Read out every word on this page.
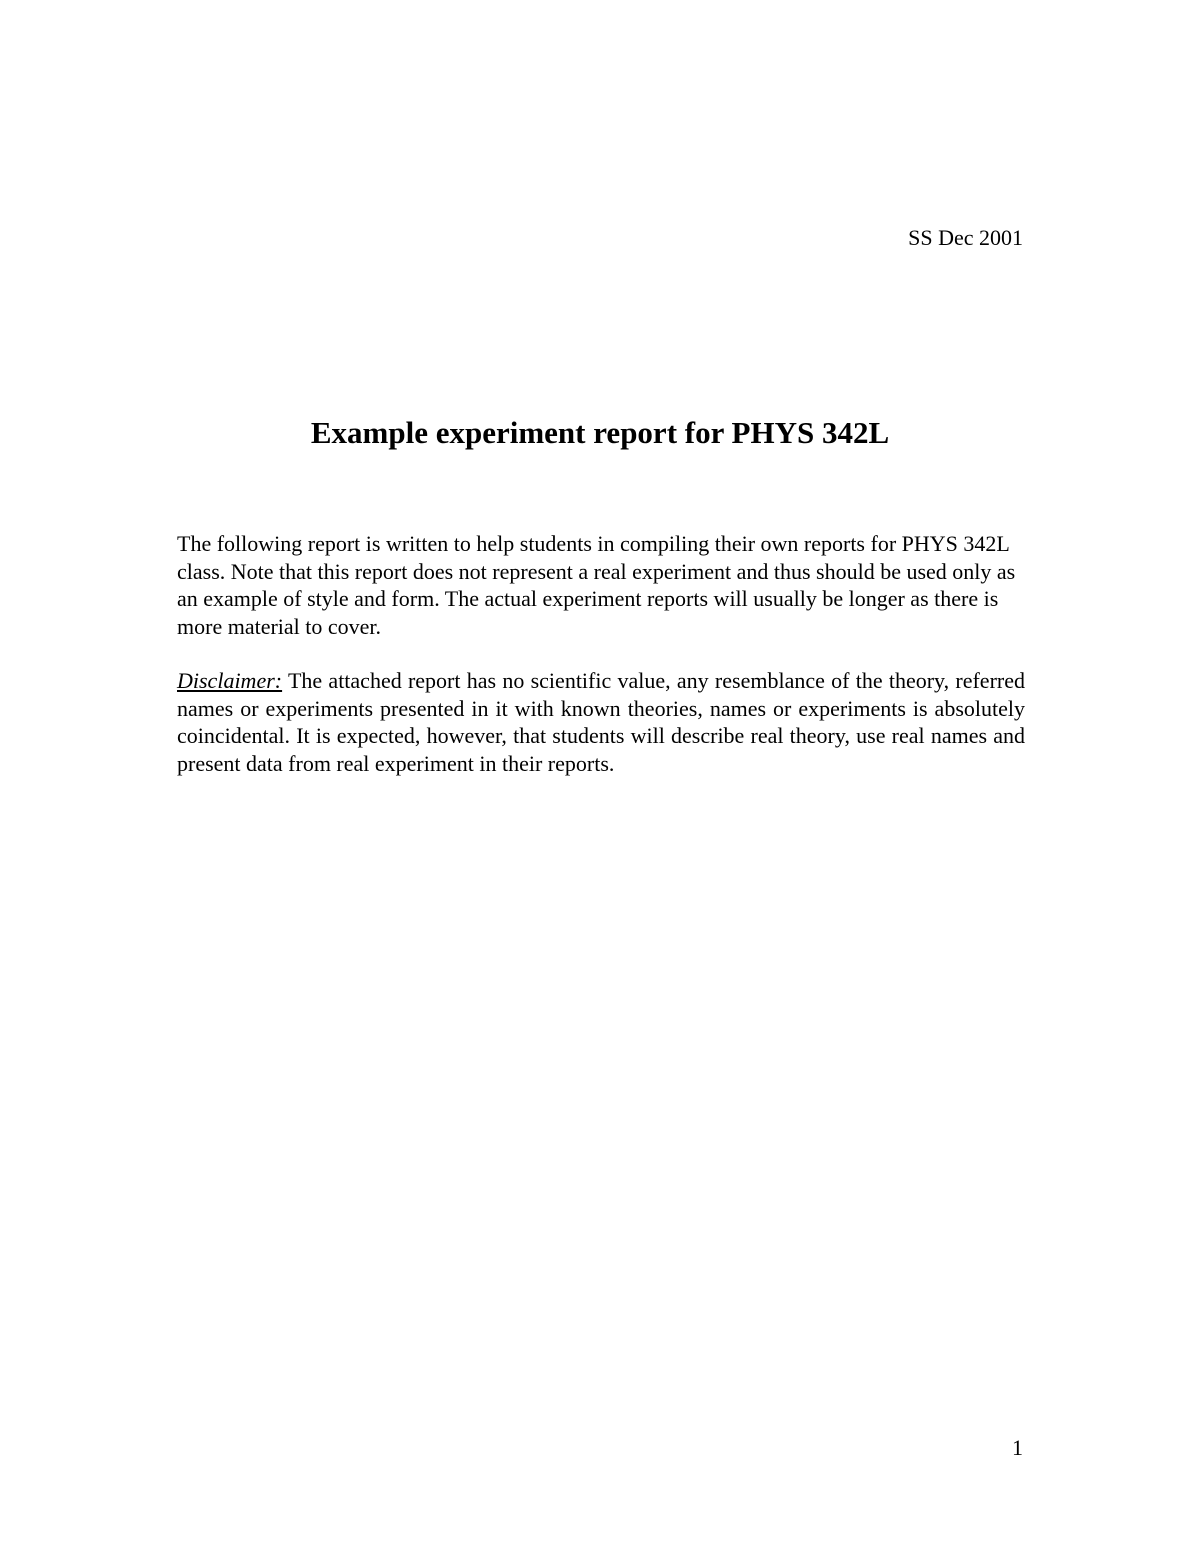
SS Dec 2001
Example experiment report for PHYS 342L

The following report is written to help students in compiling their own reports for PHYS 342L class. Note that this report does not represent a real experiment and thus should be used only as an example of style and form. The actual experiment reports will usually be longer as there is more material to cover.

Disclaimer: The attached report has no scientific value, any resemblance of the theory, referred names or experiments presented in it with known theories, names or experiments is absolutely coincidental. It is expected, however, that students will describe real theory, use real names and present data from real experiment in their reports.

1
